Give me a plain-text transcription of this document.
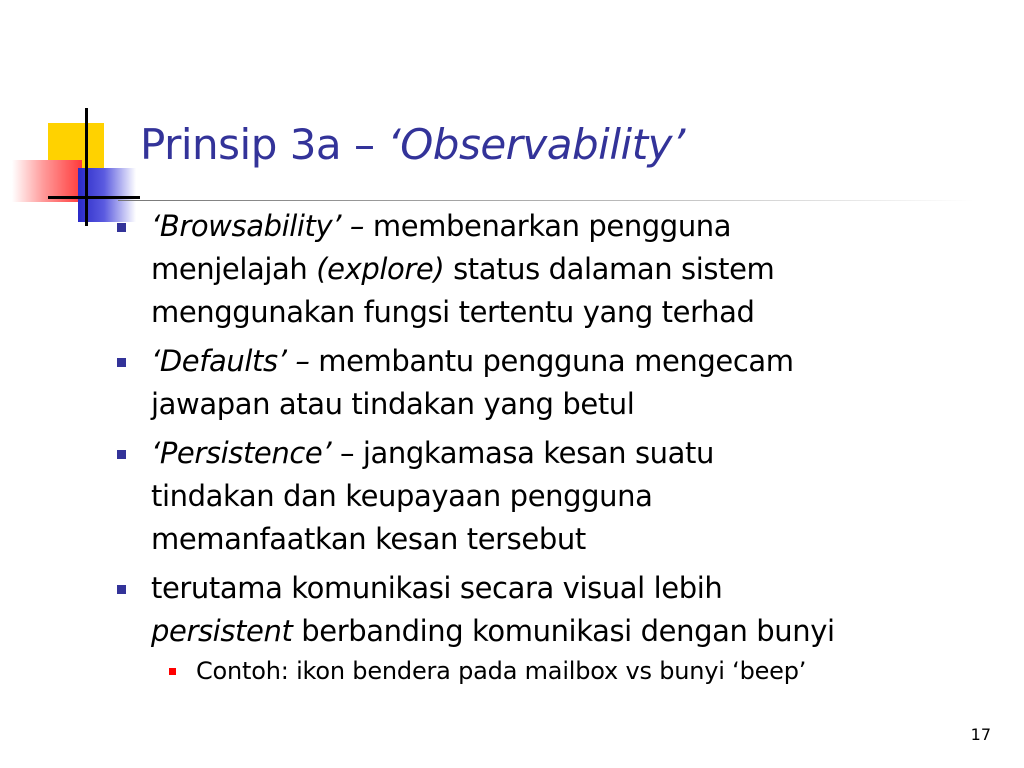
Prinsip 3a – ‘Observability’
‘Browsability’ – membenarkan pengguna
menjelajah (explore) status dalaman sistem
menggunakan fungsi tertentu yang terhad
‘Defaults’ – membantu pengguna mengecam
jawapan atau tindakan yang betul
‘Persistence’ – jangkamasa kesan suatu
tindakan dan keupayaan pengguna
memanfaatkan kesan tersebut
terutama komunikasi secara visual lebih
persistent berbanding komunikasi dengan bunyi
Contoh: ikon bendera pada mailbox vs bunyi ‘beep’
17
